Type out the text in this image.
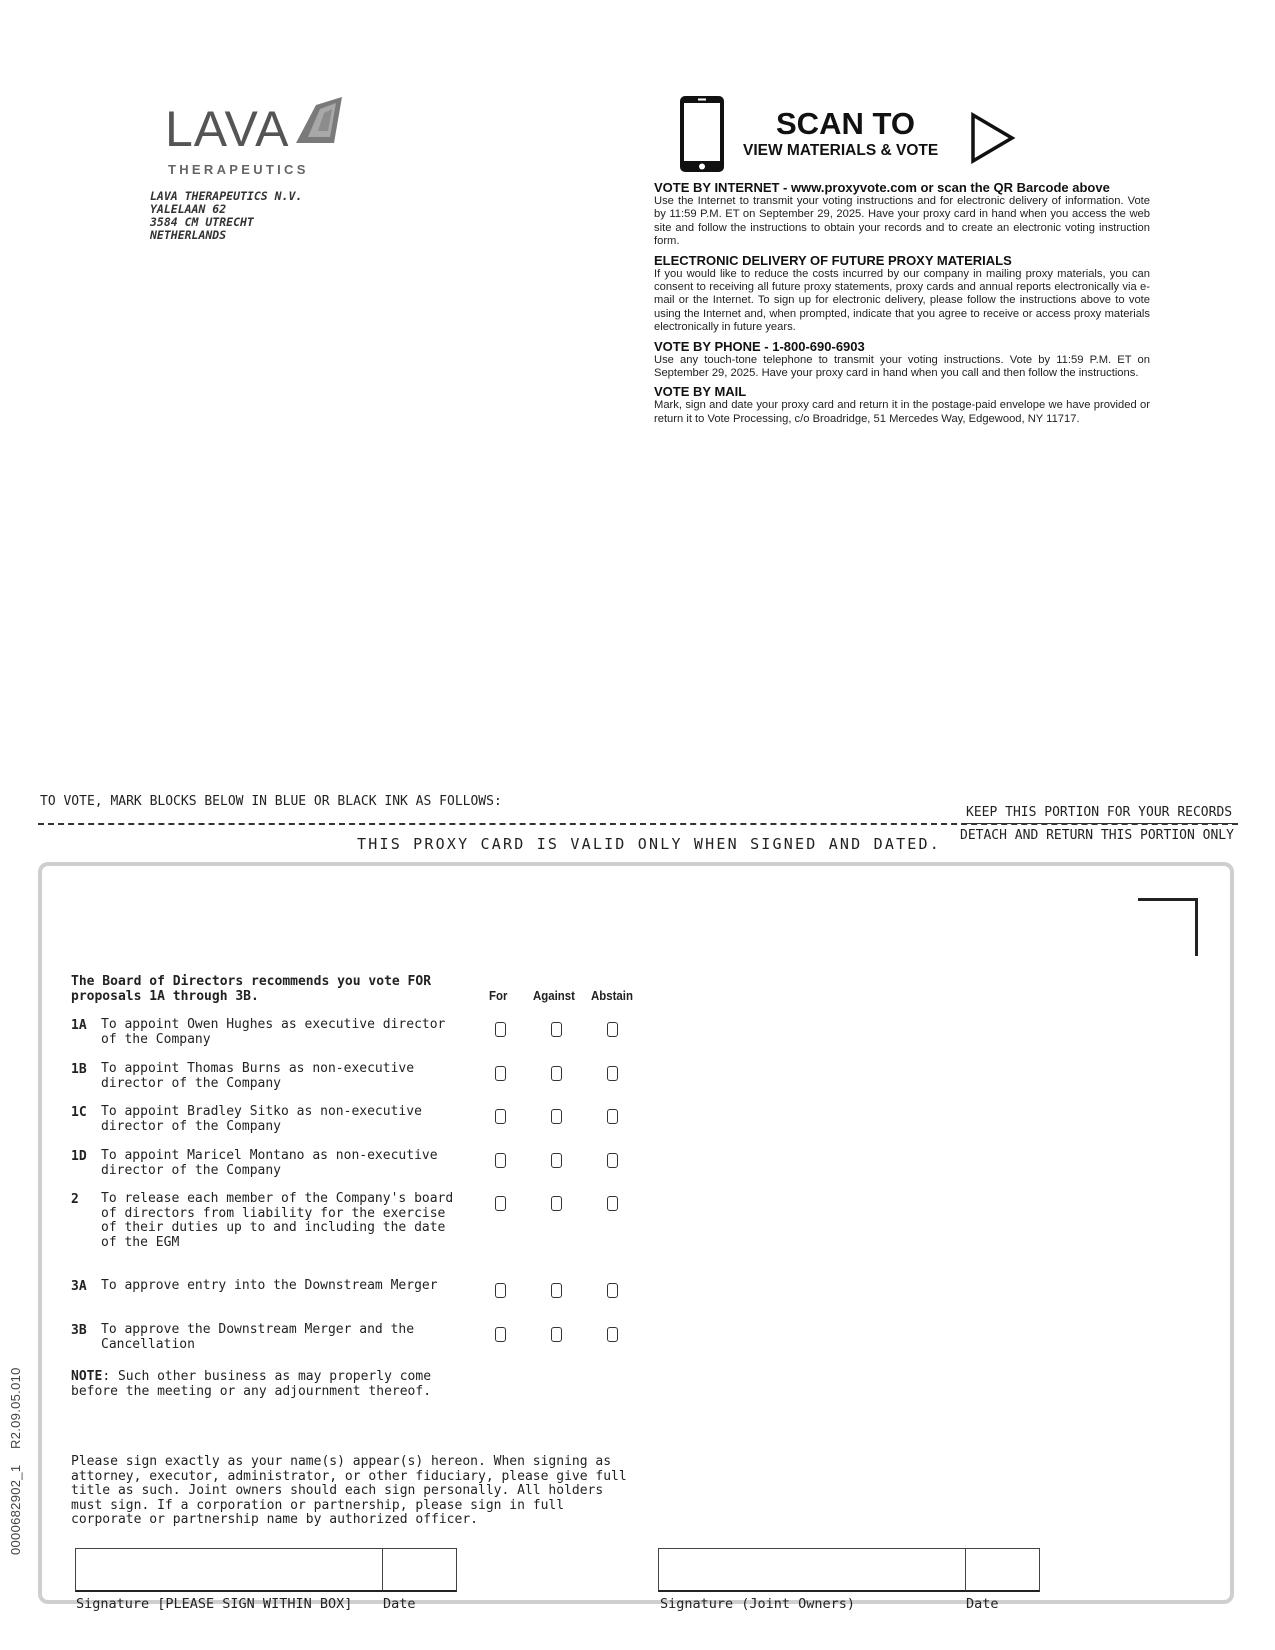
LAVA
THERAPEUTICS
LAVA THERAPEUTICS N.V.
YALELAAN 62
3584 CM UTRECHT
NETHERLANDS
SCAN TO
VIEW MATERIALS & VOTE
VOTE BY INTERNET - www.proxyvote.com or scan the QR Barcode above

Use the Internet to transmit your voting instructions and for electronic delivery of information. Vote by 11:59 P.M. ET on September 29, 2025. Have your proxy card in hand when you access the web site and follow the instructions to obtain your records and to create an electronic voting instruction form.

ELECTRONIC DELIVERY OF FUTURE PROXY MATERIALS

If you would like to reduce the costs incurred by our company in mailing proxy materials, you can consent to receiving all future proxy statements, proxy cards and annual reports electronically via e-mail or the Internet. To sign up for electronic delivery, please follow the instructions above to vote using the Internet and, when prompted, indicate that you agree to receive or access proxy materials electronically in future years.

VOTE BY PHONE - 1-800-690-6903

Use any touch-tone telephone to transmit your voting instructions. Vote by 11:59 P.M. ET on September 29, 2025. Have your proxy card in hand when you call and then follow the instructions.

VOTE BY MAIL

Mark, sign and date your proxy card and return it in the postage-paid envelope we have provided or return it to Vote Processing, c/o Broadridge, 51 Mercedes Way, Edgewood, NY 11717.

TO VOTE, MARK BLOCKS BELOW IN BLUE OR BLACK INK AS FOLLOWS:
KEEP THIS PORTION FOR YOUR RECORDS
DETACH AND RETURN THIS PORTION ONLY
THIS PROXY CARD IS VALID ONLY WHEN SIGNED AND DATED.
The Board of Directors recommends you vote FOR proposals 1A through 3B.	For Against Abstain
1A To appoint Owen Hughes as executive director of the Company
1B To appoint Thomas Burns as non-executive director of the Company
1C To appoint Bradley Sitko as non-executive director of the Company
1D To appoint Maricel Montano as non-executive director of the Company
2 To release each member of the Company's board of directors from liability for the exercise of their duties up to and including the date of the EGM
3A To approve entry into the Downstream Merger
3B To approve the Downstream Merger and the Cancellation
NOTE: Such other business as may properly come before the meeting or any adjournment thereof.
Please sign exactly as your name(s) appear(s) hereon. When signing as attorney, executor, administrator, or other fiduciary, please give full title as such. Joint owners should each sign personally. All holders must sign. If a corporation or partnership, please sign in full corporate or partnership name by authorized officer.
Signature [PLEASE SIGN WITHIN BOX] Date	Signature (Joint Owners)	Date
0000682902_1    R2.09.05.010
